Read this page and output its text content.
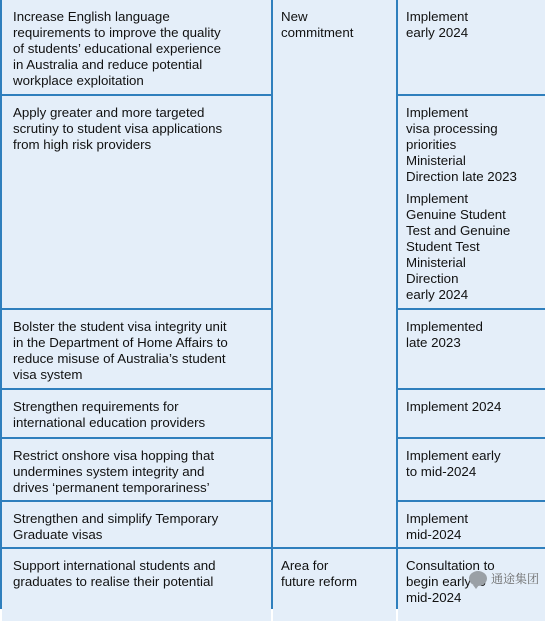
Increase English language
requirements to improve the quality
of students’ educational experience
in Australia and reduce potential
workplace exploitation
New
commitment
Implement
early 2024
Apply greater and more targeted
scrutiny to student visa applications
from high risk providers
Implement
visa processing
priorities
Ministerial
Direction late 2023
Implement
Genuine Student
Test and Genuine
Student Test
Ministerial
Direction
early 2024
Bolster the student visa integrity unit
in the Department of Home Affairs to
reduce misuse of Australia’s student
visa system
Implemented
late 2023
Strengthen requirements for
international education providers
Implement 2024
Restrict onshore visa hopping that
undermines system integrity and
drives ‘permanent temporariness’
Implement early
to mid-2024
Strengthen and simplify Temporary
Graduate visas
Implement
mid-2024
Support international students and
graduates to realise their potential
Area for
future reform
Consultation to
begin early to
mid-2024	通途集团
